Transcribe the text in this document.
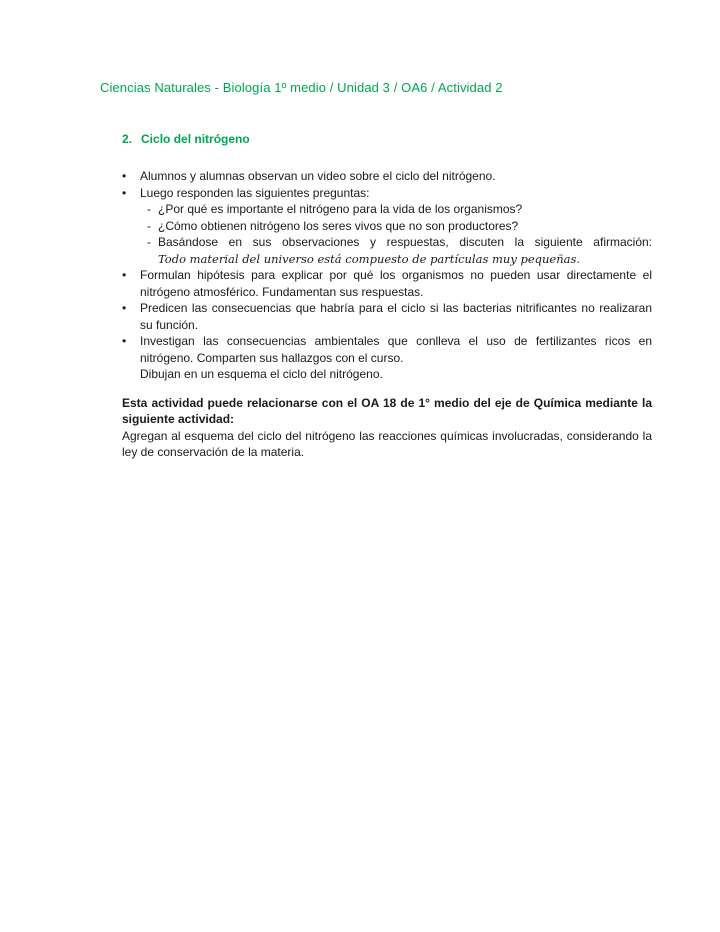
Ciencias Naturales - Biología 1º medio / Unidad 3 / OA6 / Actividad 2
2. Ciclo del nitrógeno
•	Alumnos y alumnas observan un video sobre el ciclo del nitrógeno.
•	Luego responden las siguientes preguntas:
- ¿Por qué es importante el nitrógeno para la vida de los organismos?
- ¿Cómo obtienen nitrógeno los seres vivos que no son productores?
- Basándose en sus observaciones y respuestas, discuten la siguiente afirmación: Todo material del universo está compuesto de partículas muy pequeñas.
•	Formulan hipótesis para explicar por qué los organismos no pueden usar directamente el nitrógeno atmosférico. Fundamentan sus respuestas.
•	Predicen las consecuencias que habría para el ciclo si las bacterias nitrificantes no realizaran su función.
•	Investigan las consecuencias ambientales que conlleva el uso de fertilizantes ricos en nitrógeno. Comparten sus hallazgos con el curso.
Dibujan en un esquema el ciclo del nitrógeno.
Esta actividad puede relacionarse con el OA 18 de 1° medio del eje de Química mediante la siguiente actividad:
Agregan al esquema del ciclo del nitrógeno las reacciones químicas involucradas, considerando la ley de conservación de la materia.
